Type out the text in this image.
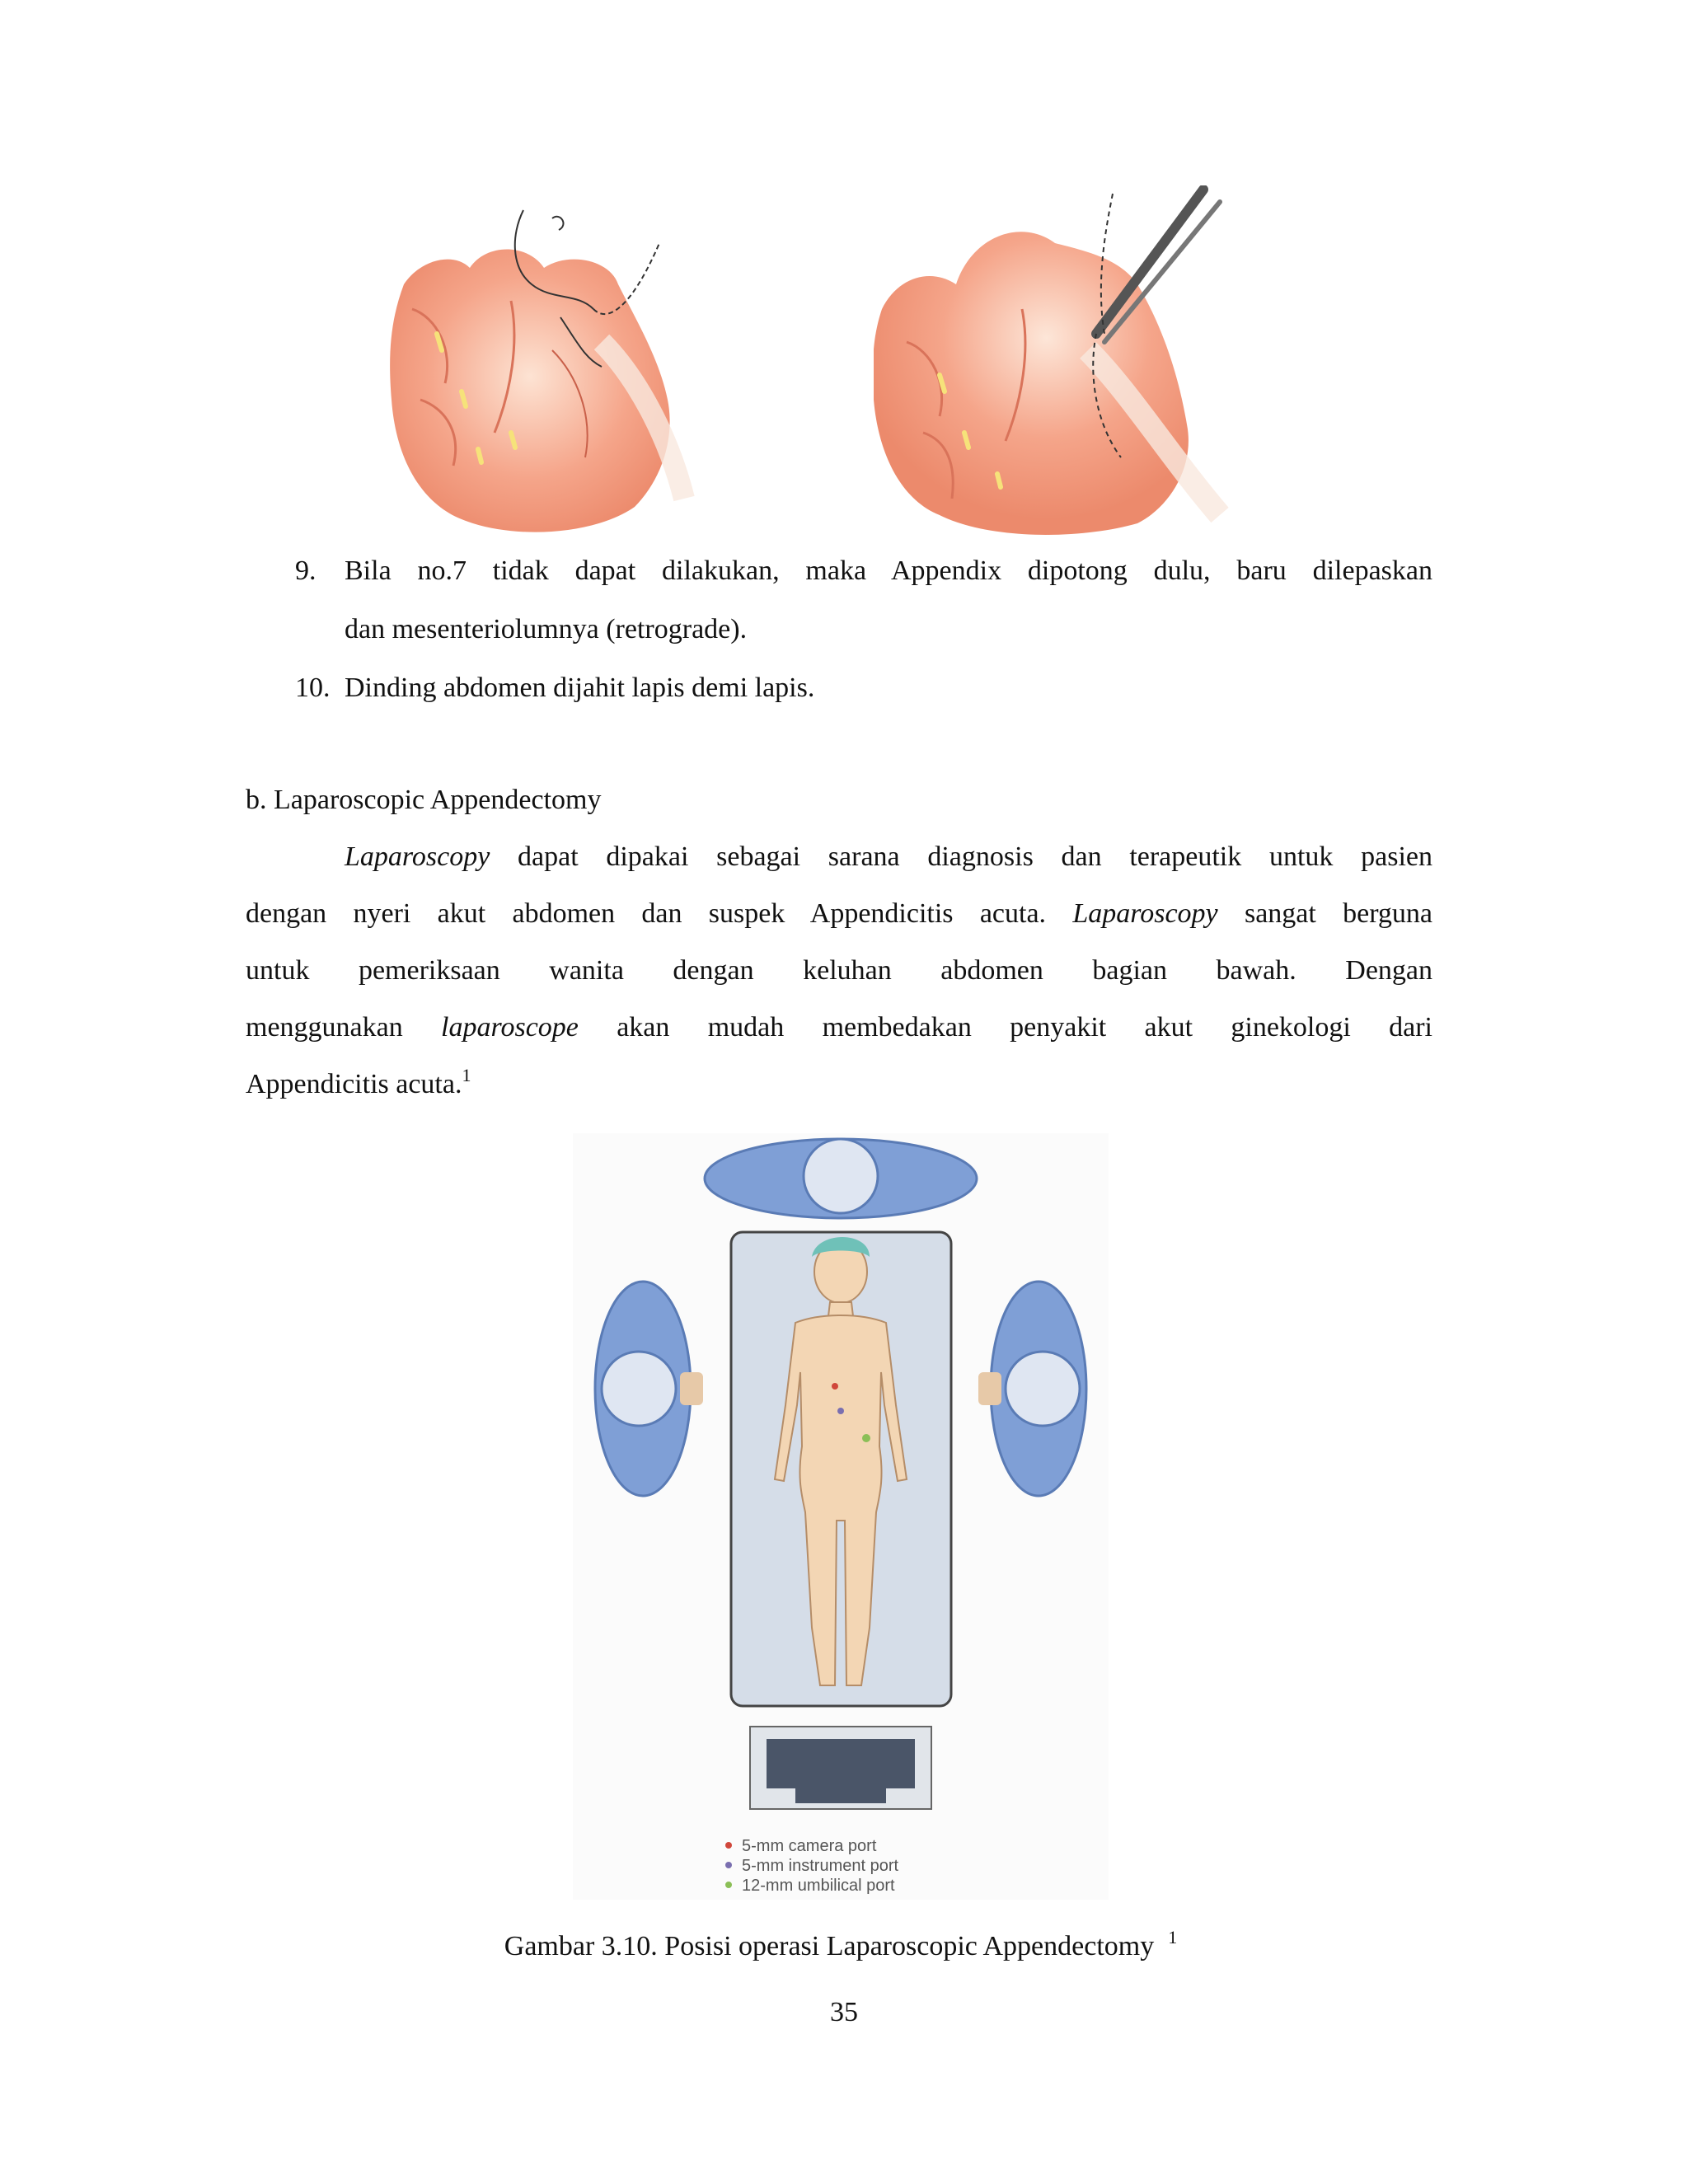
9. Bila no.7 tidak dapat dilakukan, maka Appendix dipotong dulu, baru dilepaskan
dan mesenteriolumnya (retrograde).
10. Dinding abdomen dijahit lapis demi lapis.
b. Laparoscopic Appendectomy
Laparoscopy dapat dipakai sebagai sarana diagnosis dan terapeutik untuk pasien
dengan nyeri akut abdomen dan suspek Appendicitis acuta. Laparoscopy sangat berguna
untuk pemeriksaan wanita dengan keluhan abdomen bagian bawah. Dengan
menggunakan laparoscope akan mudah membedakan penyakit akut ginekologi dari
Appendicitis acuta.$^1$
5-mm camera port
5-mm instrument port
12-mm umbilical port
Gambar 3.10. Posisi operasi Laparoscopic Appendectomy $^1$
35
